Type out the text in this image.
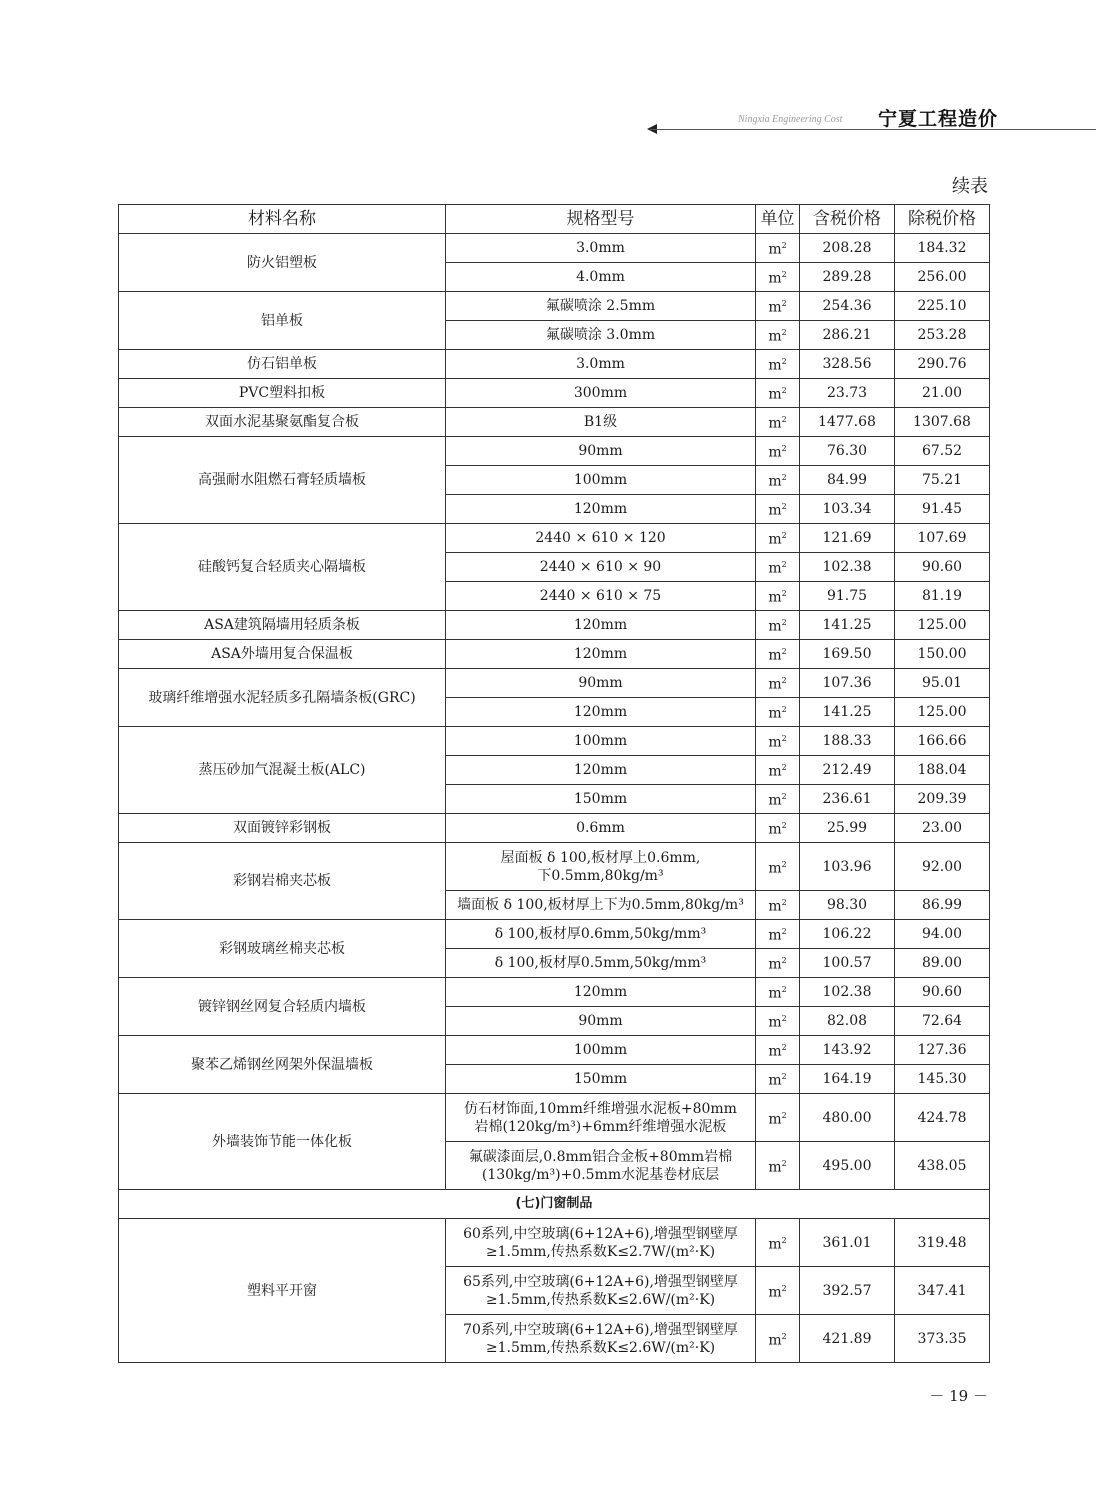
Ningxia Engineering Cost 宁夏工程造价
续表
材料名称	规格型号	单位	含税价格	除税价格
防火铝塑板	3.0mm	$m^2$	208.28	184.32

	4.0mm	$m^2$	289.28	256.00
铝单板	氟碳喷涂 2.5mm	$m^2$	254.36	225.10

	氟碳喷涂 3.0mm	$m^2$	286.21	253.28
仿石铝单板	3.0mm	$m^2$	328.56	290.76
PVC塑料扣板	300mm	$m^2$	23.73	21.00
双面水泥基聚氨酯复合板	B1级	$m^2$	1477.68	1307.68
高强耐水阻燃石膏轻质墙板	90mm	$m^2$	76.30	67.52

	100mm	$m^2$	84.99	75.21

	120mm	$m^2$	103.34	91.45
硅酸钙复合轻质夹心隔墙板	2440 × 610 × 120	$m^2$	121.69	107.69

	2440 × 610 × 90	$m^2$	102.38	90.60

	2440 × 610 × 75	$m^2$	91.75	81.19
ASA建筑隔墙用轻质条板	120mm	$m^2$	141.25	125.00
ASA外墙用复合保温板	120mm	$m^2$	169.50	150.00
玻璃纤维增强水泥轻质多孔隔墙条板(GRC)	90mm	$m^2$	107.36	95.01

	120mm	$m^2$	141.25	125.00
蒸压砂加气混凝土板(ALC)	100mm	$m^2$	188.33	166.66

	120mm	$m^2$	212.49	188.04

	150mm	$m^2$	236.61	209.39
双面镀锌彩钢板	0.6mm	$m^2$	25.99	23.00
彩钢岩棉夹芯板	屋面板 δ 100,板材厚上0.6mm,
下0.5mm,80kg/m³	$m^2$	103.96	92.00

	墙面板 δ 100,板材厚上下为0.5mm,80kg/m³	$m^2$	98.30	86.99
彩钢玻璃丝棉夹芯板	δ 100,板材厚0.6mm,50kg/mm³	$m^2$	106.22	94.00

	δ 100,板材厚0.5mm,50kg/mm³	$m^2$	100.57	89.00
镀锌钢丝网复合轻质内墙板	120mm	$m^2$	102.38	90.60

	90mm	$m^2$	82.08	72.64
聚苯乙烯钢丝网架外保温墙板	100mm	$m^2$	143.92	127.36

	150mm	$m^2$	164.19	145.30
外墙装饰节能一体化板	仿石材饰面,10mm纤维增强水泥板+80mm
岩棉(120kg/m³)+6mm纤维增强水泥板	$m^2$	480.00	424.78

	氟碳漆面层,0.8mm铝合金板+80mm岩棉
(130kg/m³)+0.5mm水泥基卷材底层	$m^2$	495.00	438.05
(七)门窗制品				
塑料平开窗	60系列,中空玻璃(6+12A+6),增强型钢壁厚
≥1.5mm,传热系数K≤2.7W/(m²·K)	$m^2$	361.01	319.48

	65系列,中空玻璃(6+12A+6),增强型钢壁厚
≥1.5mm,传热系数K≤2.6W/(m²·K)	$m^2$	392.57	347.41

	70系列,中空玻璃(6+12A+6),增强型钢壁厚
≥1.5mm,传热系数K≤2.6W/(m²·K)	$m^2$	421.89	373.35
－ 19 －
